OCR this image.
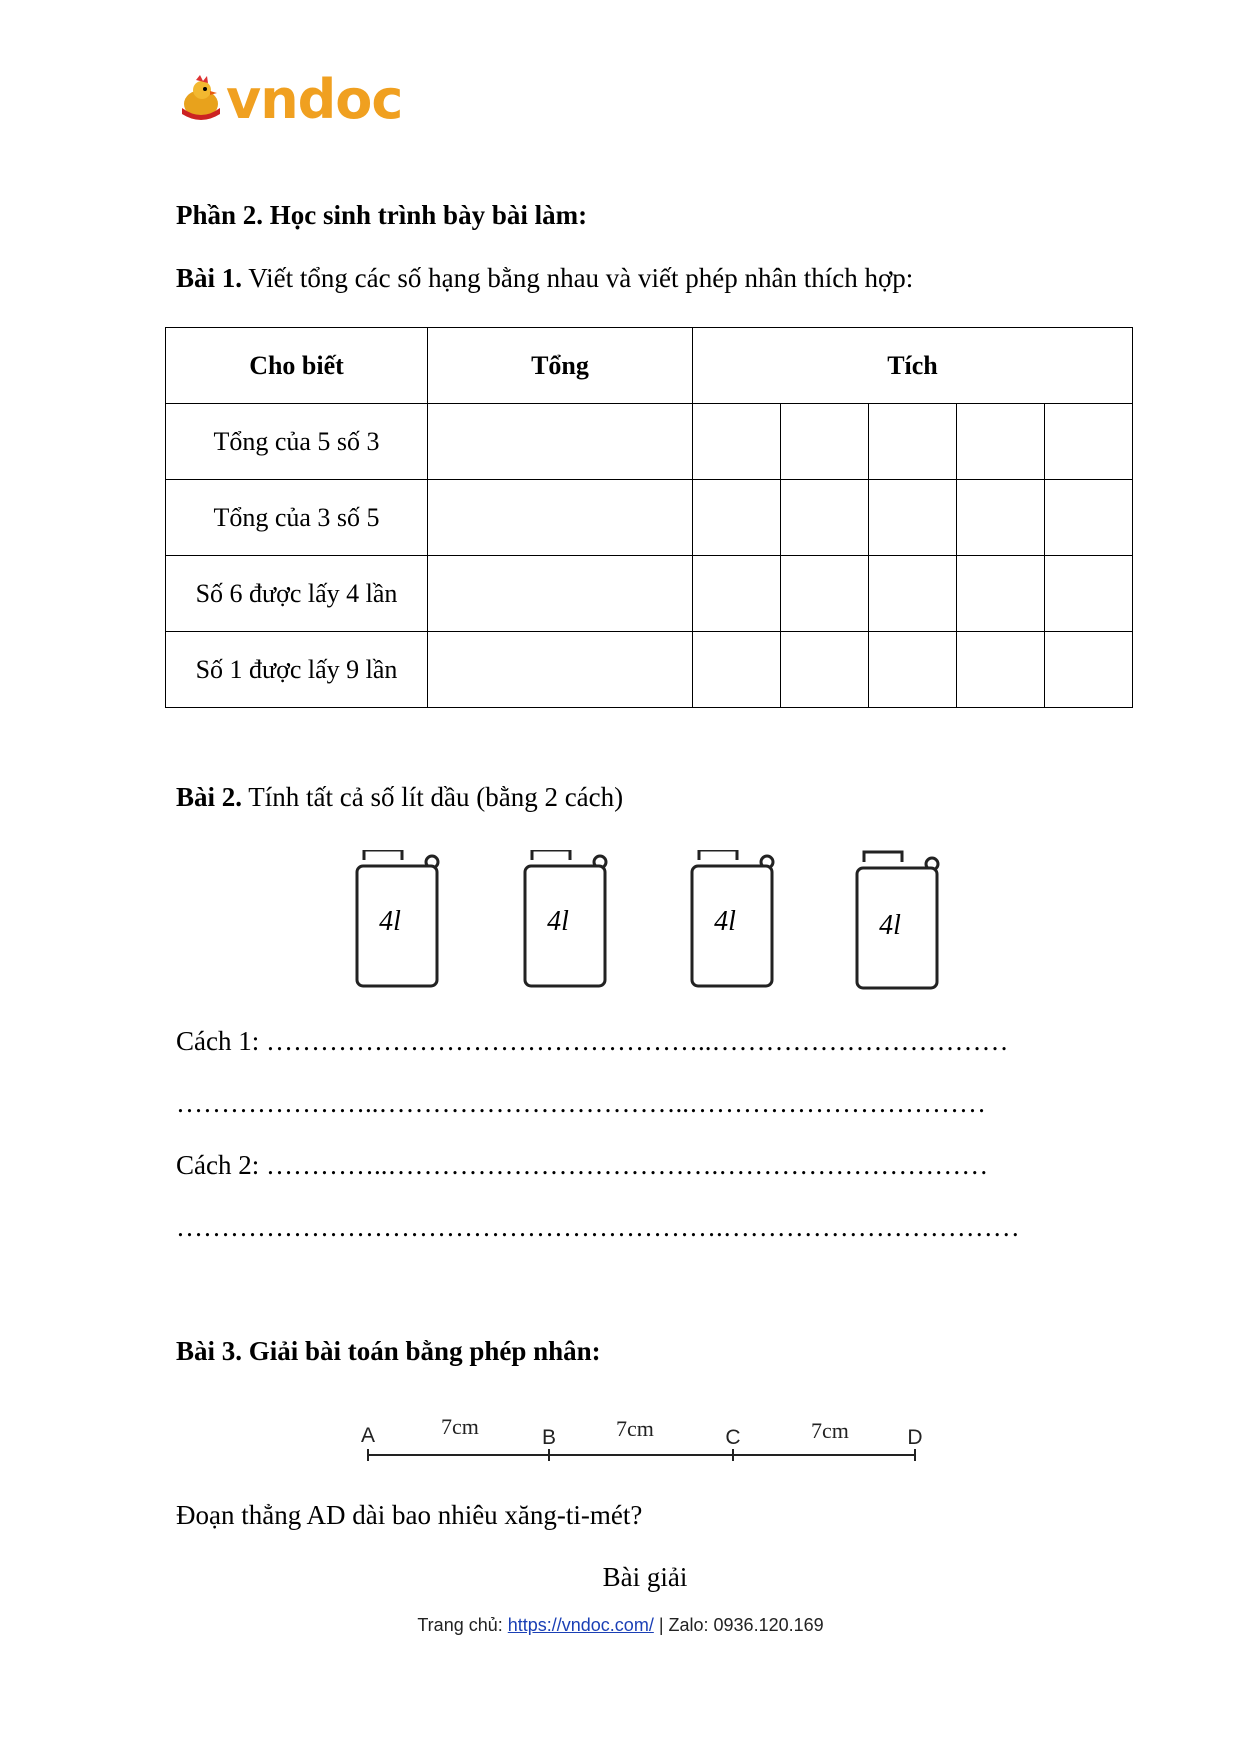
vndoc
Phần 2. Học sinh trình bày bài làm:
Bài 1. Viết tổng các số hạng bằng nhau và viết phép nhân thích hợp:
Cho biết	Tổng	Tích				
Tổng của 5 số 3						
Tổng của 3 số 5						
Số 6 được lấy 4 lần						
Số 1 được lấy 9 lần						
Bài 2. Tính tất cả số lít dầu (bằng 2 cách)
4l	4l	4l	4l
Cách 1: …………………………………………..……………………………
…………………..……………………………..……………………………
Cách 2: …………..……………………………….…………………………
…………………………………………………….……………………………
Bài 3. Giải bài toán bằng phép nhân:
A	B	C	D
7cm	7cm	7cm
Đoạn thẳng AD dài bao nhiêu xăng-ti-mét?
Bài giải
Trang chủ: https://vndoc.com/ | Zalo: 0936.120.169
